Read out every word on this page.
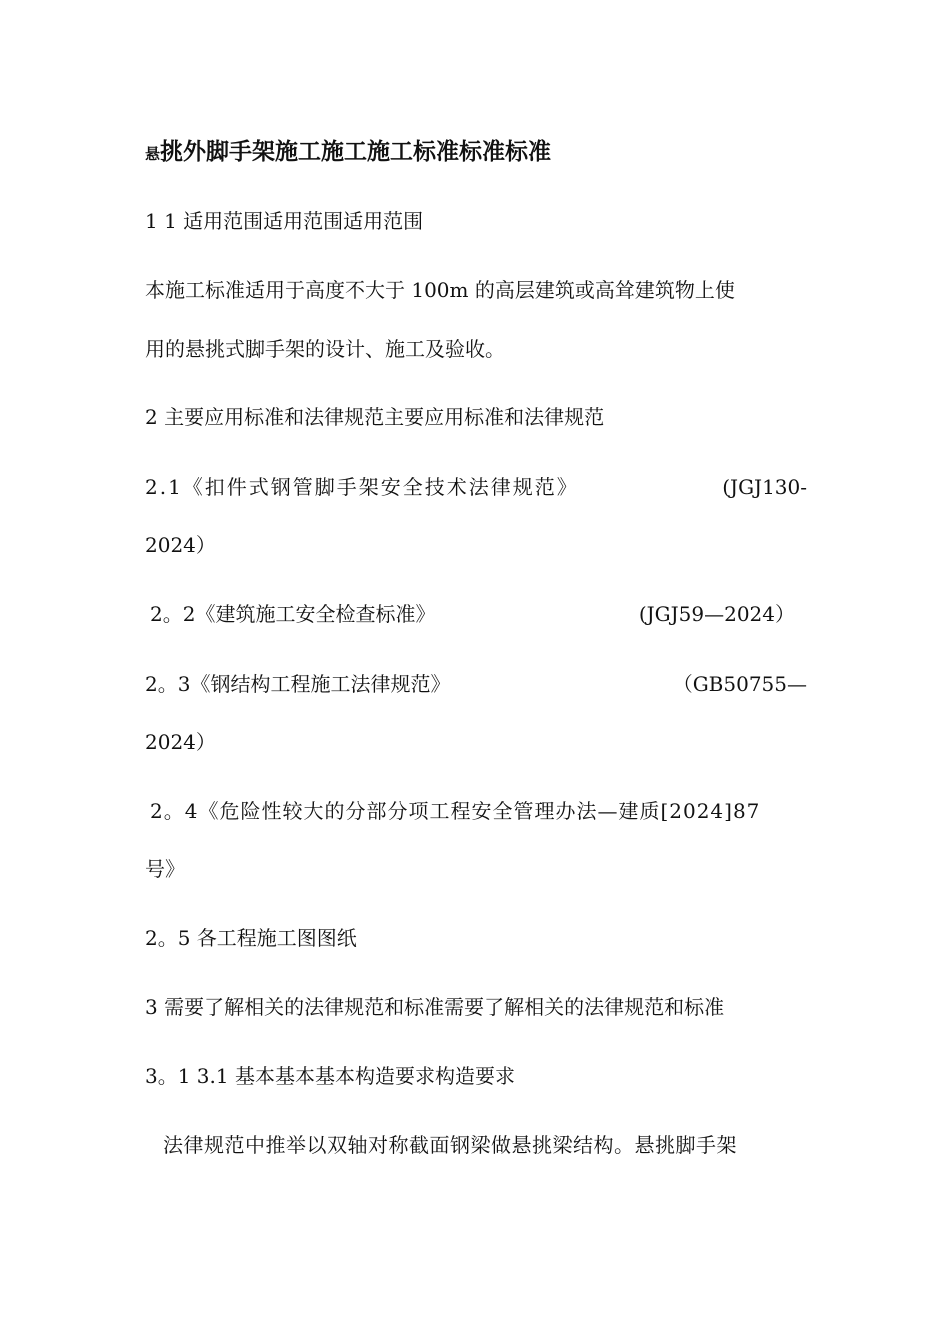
悬挑外脚手架施工施工施工标准标准标准
1 1 适用范围适用范围适用范围
本施工标准适用于高度不大于 100m 的高层建筑或高耸建筑物上使
用的悬挑式脚手架的设计、施工及验收。
2 主要应用标准和法律规范主要应用标准和法律规范
2.1《扣件式钢管脚手架安全技术法律规范》	(JGJ130-
2024）
2。2《建筑施工安全检查标准》	(JGJ59—2024）
2。3《钢结构工程施工法律规范》	（GB50755—
2024）
2。4《危险性较大的分部分项工程安全管理办法—建质[2024]87
号》
2。5 各工程施工图图纸
3 需要了解相关的法律规范和标准需要了解相关的法律规范和标准
3。1 3.1 基本基本基本构造要求构造要求
法律规范中推举以双轴对称截面钢梁做悬挑梁结构。悬挑脚手架
